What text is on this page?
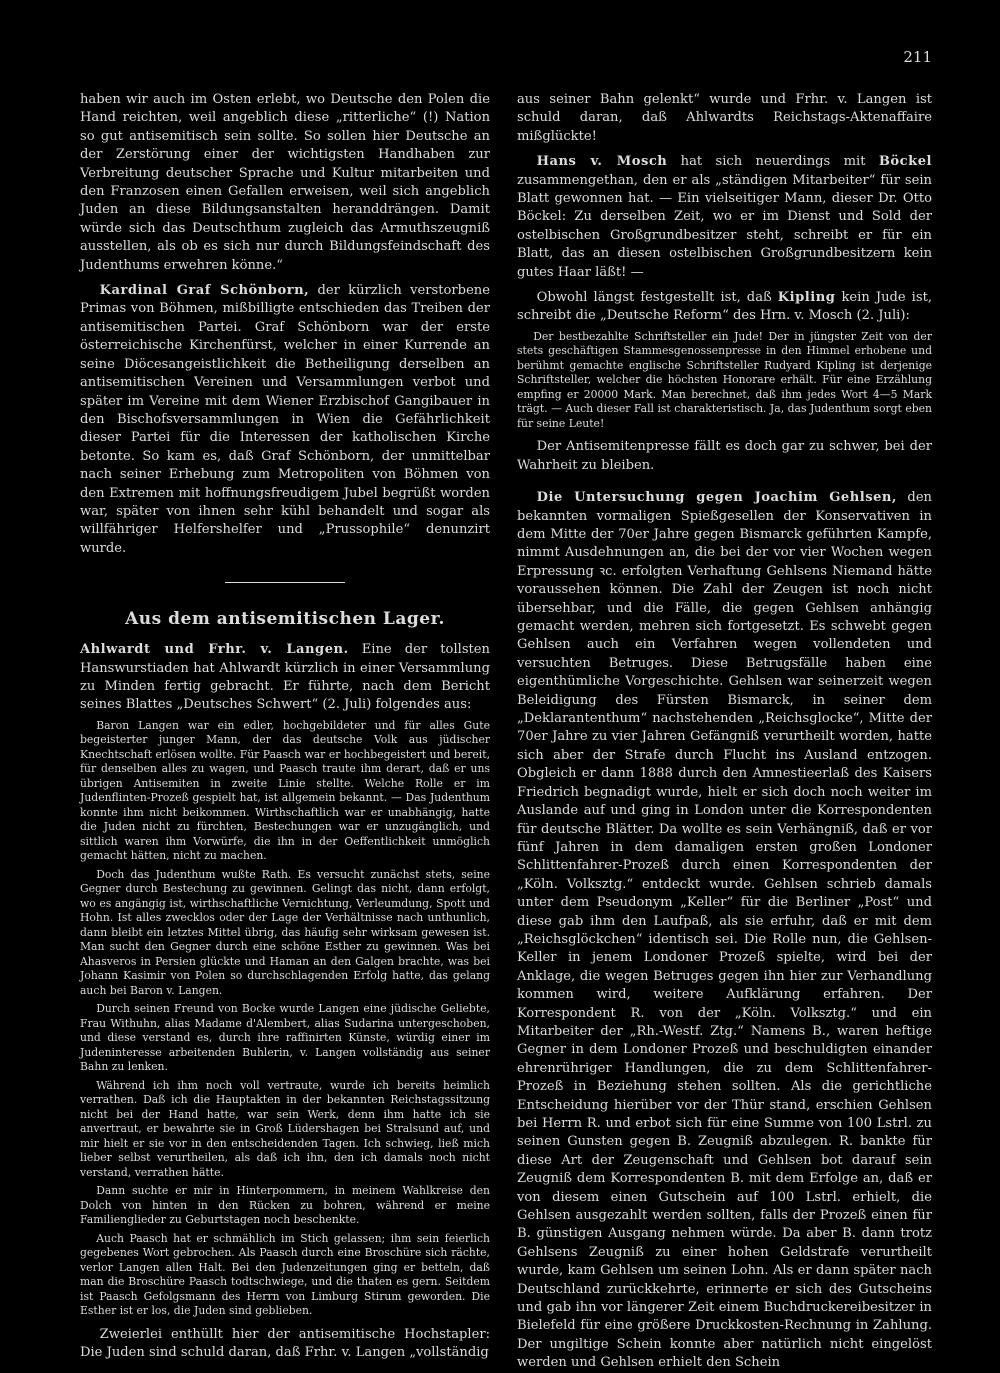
211

haben wir auch im Osten erlebt, wo Deutsche den Polen die Hand reichten, weil angeblich diese „ritterliche“ (!) Nation so gut antisemitisch sein sollte. So sollen hier Deutsche an der Zerstörung einer der wichtigsten Handhaben zur Verbreitung deutscher Sprache und Kultur mitarbeiten und den Franzosen einen Gefallen erweisen, weil sich angeblich Juden an diese Bildungsanstalten heranddrängen. Damit würde sich das Deutschthum zugleich das Armuthszeugniß ausstellen, als ob es sich nur durch Bildungsfeindschaft des Judenthums erwehren könne.“

Kardinal Graf Schönborn, der kürzlich verstorbene Primas von Böhmen, mißbilligte entschieden das Treiben der antisemitischen Partei. Graf Schönborn war der erste österreichische Kirchenfürst, welcher in einer Kurrende an seine Diöcesangeistlichkeit die Betheiligung derselben an antisemitischen Vereinen und Versammlungen verbot und später im Vereine mit dem Wiener Erzbischof Gangibauer in den Bischofsversammlungen in Wien die Gefährlichkeit dieser Partei für die Interessen der katholischen Kirche betonte. So kam es, daß Graf Schönborn, der unmittelbar nach seiner Erhebung zum Metropoliten von Böhmen von den Extremen mit hoffnungsfreudigem Jubel begrüßt worden war, später von ihnen sehr kühl behandelt und sogar als willfähriger Helfershelfer und „Prussophile“ denunzirt wurde.

Aus dem antisemitischen Lager.

Ahlwardt und Frhr. v. Langen. Eine der tollsten Hanswurstiaden hat Ahlwardt kürzlich in einer Versammlung zu Minden fertig gebracht. Er führte, nach dem Bericht seines Blattes „Deutsches Schwert“ (2. Juli) folgendes aus:

Baron Langen war ein edler, hochgebildeter und für alles Gute begeisterter junger Mann, der das deutsche Volk aus jüdischer Knechtschaft erlösen wollte. Für Paasch war er hochbegeistert und bereit, für denselben alles zu wagen, und Paasch traute ihm derart, daß er uns übrigen Antisemiten in zweite Linie stellte. Welche Rolle er im Judenflinten-Prozeß gespielt hat, ist allgemein bekannt. — Das Judenthum konnte ihm nicht beikommen. Wirthschaftlich war er unabhängig, hatte die Juden nicht zu fürchten, Bestechungen war er unzugänglich, und sittlich waren ihm Vorwürfe, die ihn in der Oeffentlichkeit unmöglich gemacht hätten, nicht zu machen.

Doch das Judenthum wußte Rath. Es versucht zunächst stets, seine Gegner durch Bestechung zu gewinnen. Gelingt das nicht, dann erfolgt, wo es angängig ist, wirthschaftliche Vernichtung, Verleumdung, Spott und Hohn. Ist alles zwecklos oder der Lage der Verhältnisse nach unthunlich, dann bleibt ein letztes Mittel übrig, das häufig sehr wirksam gewesen ist. Man sucht den Gegner durch eine schöne Esther zu gewinnen. Was bei Ahasveros in Persien glückte und Haman an den Galgen brachte, was bei Johann Kasimir von Polen so durchschlagenden Erfolg hatte, das gelang auch bei Baron v. Langen.

Durch seinen Freund von Bocke wurde Langen eine jüdische Geliebte, Frau Withuhn, alias Madame d'Alembert, alias Sudarina untergeschoben, und diese verstand es, durch ihre raffinirten Künste, würdig einer im Judeninteresse arbeitenden Buhlerin, v. Langen vollständig aus seiner Bahn zu lenken.

Während ich ihm noch voll vertraute, wurde ich bereits heimlich verrathen. Daß ich die Hauptakten in der bekannten Reichstagssitzung nicht bei der Hand hatte, war sein Werk, denn ihm hatte ich sie anvertraut, er bewahrte sie in Groß Lüdershagen bei Stralsund auf, und mir hielt er sie vor in den entscheidenden Tagen. Ich schwieg, ließ mich lieber selbst verurtheilen, als daß ich ihn, den ich damals noch nicht verstand, verrathen hätte.

Dann suchte er mir in Hinterpommern, in meinem Wahlkreise den Dolch von hinten in den Rücken zu bohren, während er meine Familienglieder zu Geburtstagen noch beschenkte.

Auch Paasch hat er schmählich im Stich gelassen; ihm sein feierlich gegebenes Wort gebrochen. Als Paasch durch eine Broschüre sich rächte, verlor Langen allen Halt. Bei den Judenzeitungen ging er betteln, daß man die Broschüre Paasch todtschwiege, und die thaten es gern. Seitdem ist Paasch Gefolgsmann des Herrn von Limburg Stirum geworden. Die Esther ist er los, die Juden sind geblieben.

Zweierlei enthüllt hier der antisemitische Hochstapler: Die Juden sind schuld daran, daß Frhr. v. Langen „vollständig

aus seiner Bahn gelenkt“ wurde und Frhr. v. Langen ist schuld daran, daß Ahlwardts Reichstags-Aktenaffaire mißglückte!

Hans v. Mosch hat sich neuerdings mit Böckel zusammengethan, den er als „ständigen Mitarbeiter“ für sein Blatt gewonnen hat. — Ein vielseitiger Mann, dieser Dr. Otto Böckel: Zu derselben Zeit, wo er im Dienst und Sold der ostelbischen Großgrundbesitzer steht, schreibt er für ein Blatt, das an diesen ostelbischen Großgrundbesitzern kein gutes Haar läßt! —

Obwohl längst festgestellt ist, daß Kipling kein Jude ist, schreibt die „Deutsche Reform“ des Hrn. v. Mosch (2. Juli):

Der bestbezahlte Schriftsteller ein Jude! Der in jüngster Zeit von der stets geschäftigen Stammesgenossenpresse in den Himmel erhobene und berühmt gemachte englische Schriftsteller Rudyard Kipling ist derjenige Schriftsteller, welcher die höchsten Honorare erhält. Für eine Erzählung empfing er 20000 Mark. Man berechnet, daß ihm jedes Wort 4—5 Mark trägt. — Auch dieser Fall ist charakteristisch. Ja, das Judenthum sorgt eben für seine Leute!

Der Antisemitenpresse fällt es doch gar zu schwer, bei der Wahrheit zu bleiben.

Die Untersuchung gegen Joachim Gehlsen, den bekannten vormaligen Spießgesellen der Konservativen in dem Mitte der 70er Jahre gegen Bismarck geführten Kampfe, nimmt Ausdehnungen an, die bei der vor vier Wochen wegen Erpressung ꝛc. erfolgten Verhaftung Gehlsens Niemand hätte voraussehen können. Die Zahl der Zeugen ist noch nicht übersehbar, und die Fälle, die gegen Gehlsen anhängig gemacht werden, mehren sich fortgesetzt. Es schwebt gegen Gehlsen auch ein Verfahren wegen vollendeten und versuchten Betruges. Diese Betrugsfälle haben eine eigenthümliche Vorgeschichte. Gehlsen war seinerzeit wegen Beleidigung des Fürsten Bismarck, in seiner dem „Deklarantenthum“ nachstehenden „Reichsglocke“, Mitte der 70er Jahre zu vier Jahren Gefängniß verurtheilt worden, hatte sich aber der Strafe durch Flucht ins Ausland entzogen. Obgleich er dann 1888 durch den Amnestieerlaß des Kaisers Friedrich begnadigt wurde, hielt er sich doch noch weiter im Auslande auf und ging in London unter die Korrespondenten für deutsche Blätter. Da wollte es sein Verhängniß, daß er vor fünf Jahren in dem damaligen ersten großen Londoner Schlittenfahrer-Prozeß durch einen Korrespondenten der „Köln. Volksztg.“ entdeckt wurde. Gehlsen schrieb damals unter dem Pseudonym „Keller“ für die Berliner „Post“ und diese gab ihm den Laufpaß, als sie erfuhr, daß er mit dem „Reichsglöckchen“ identisch sei. Die Rolle nun, die Gehlsen-Keller in jenem Londoner Prozeß spielte, wird bei der Anklage, die wegen Betruges gegen ihn hier zur Verhandlung kommen wird, weitere Aufklärung erfahren. Der Korrespondent R. von der „Köln. Volksztg.“ und ein Mitarbeiter der „Rh.-Westf. Ztg.“ Namens B., waren heftige Gegner in dem Londoner Prozeß und beschuldigten einander ehrenrühriger Handlungen, die zu dem Schlittenfahrer-Prozeß in Beziehung stehen sollten. Als die gerichtliche Entscheidung hierüber vor der Thür stand, erschien Gehlsen bei Herrn R. und erbot sich für eine Summe von 100 Lstrl. zu seinen Gunsten gegen B. Zeugniß abzulegen. R. bankte für diese Art der Zeugenschaft und Gehlsen bot darauf sein Zeugniß dem Korrespondenten B. mit dem Erfolge an, daß er von diesem einen Gutschein auf 100 Lstrl. erhielt, die Gehlsen ausgezahlt werden sollten, falls der Prozeß einen für B. günstigen Ausgang nehmen würde. Da aber B. dann trotz Gehlsens Zeugniß zu einer hohen Geldstrafe verurtheilt wurde, kam Gehlsen um seinen Lohn. Als er dann später nach Deutschland zurückkehrte, erinnerte er sich des Gutscheins und gab ihn vor längerer Zeit einem Buchdruckereibesitzer in Bielefeld für eine größere Druckkosten-Rechnung in Zahlung. Der ungiltige Schein konnte aber natürlich nicht eingelöst werden und Gehlsen erhielt den Schein
